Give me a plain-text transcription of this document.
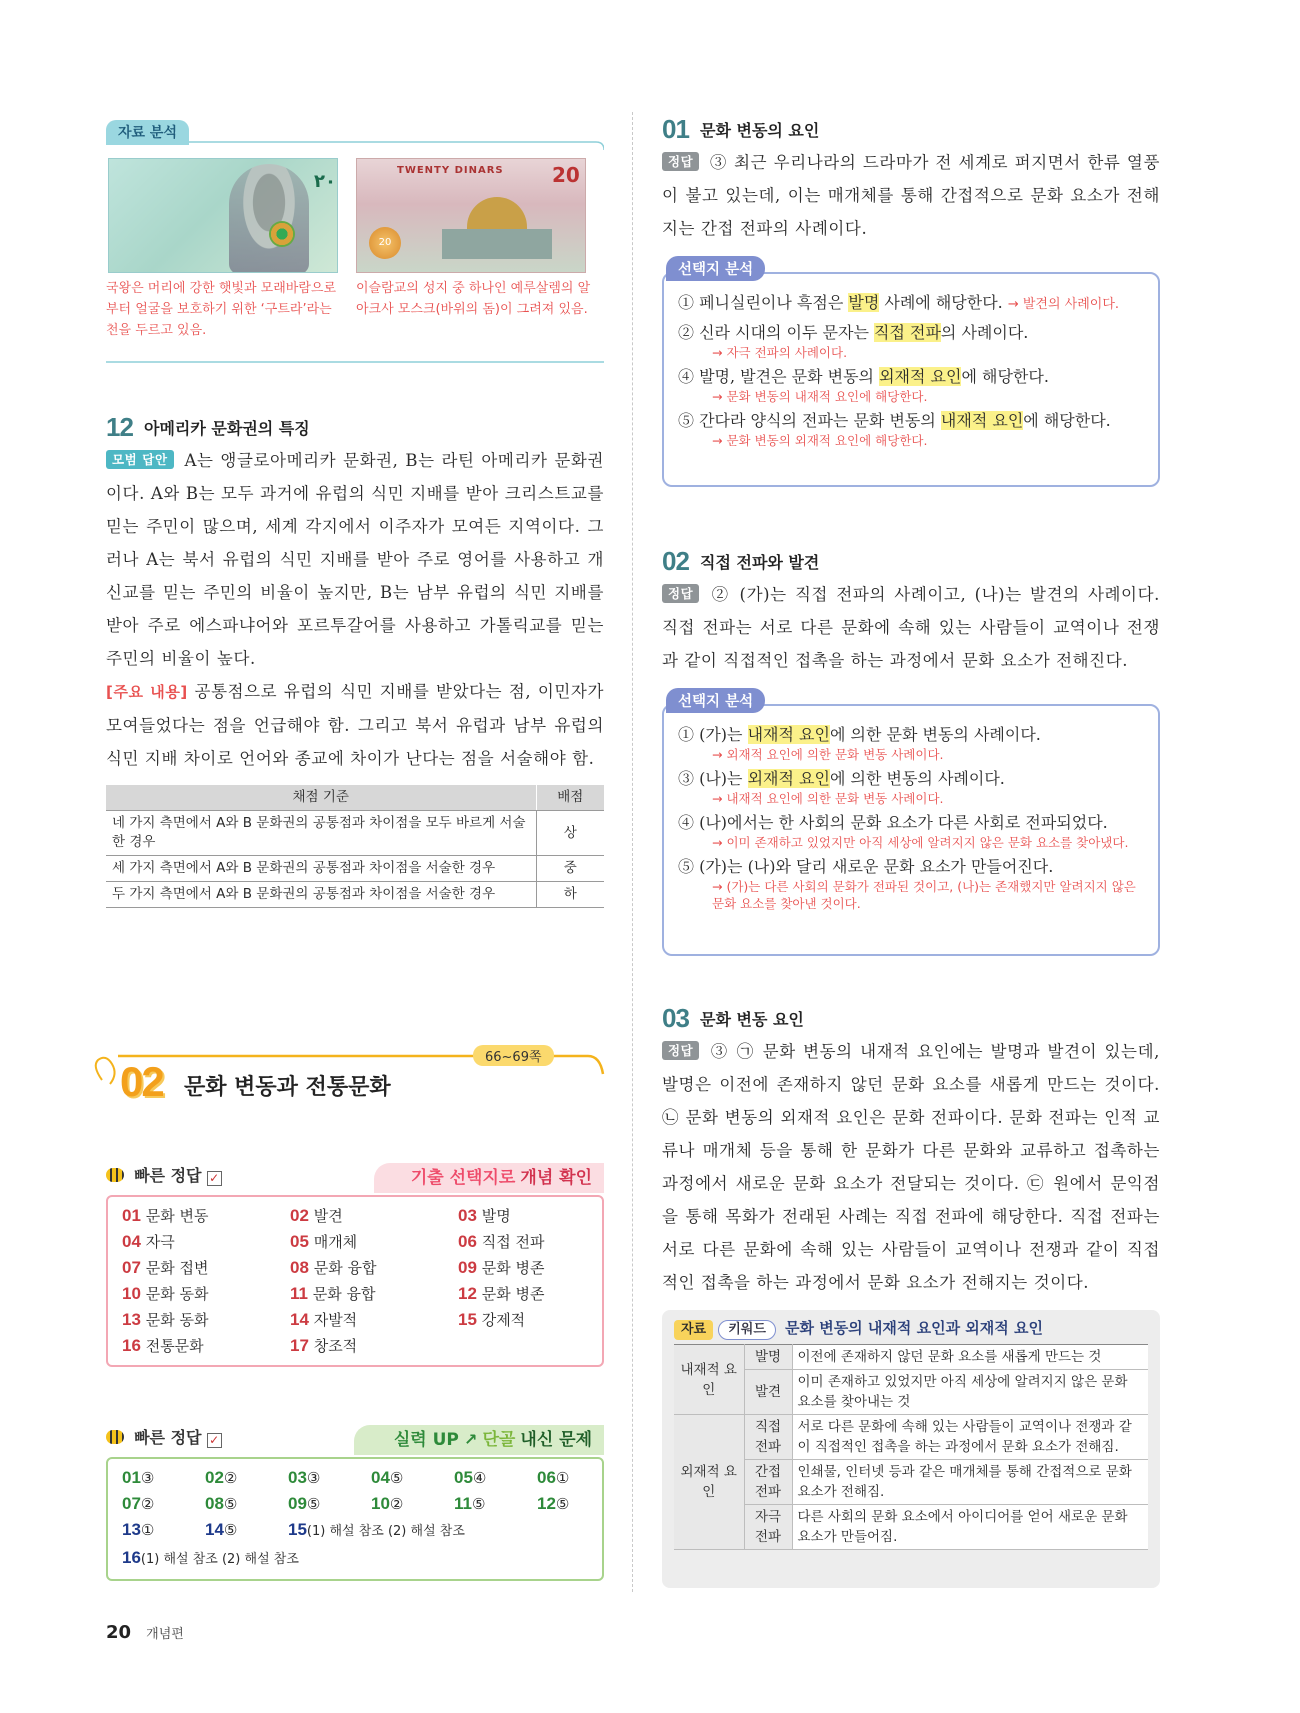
자료 분석
٢٠
TWENTY DINARS 20
20
국왕은 머리에 강한 햇빛과 모래바람으로부터 얼굴을 보호하기 위한 ‘구트라’라는 천을 두르고 있음.
이슬람교의 성지 중 하나인 예루살렘의 알 아크사 모스크(바위의 돔)이 그려져 있음.
12 아메리카 문화권의 특징
모범 답안 A는 앵글로아메리카 문화권, B는 라틴 아메리카 문화권이다. A와 B는 모두 과거에 유럽의 식민 지배를 받아 크리스트교를 믿는 주민이 많으며, 세계 각지에서 이주자가 모여든 지역이다. 그러나 A는 북서 유럽의 식민 지배를 받아 주로 영어를 사용하고 개신교를 믿는 주민의 비율이 높지만, B는 남부 유럽의 식민 지배를 받아 주로 에스파냐어와 포르투갈어를 사용하고 가톨릭교를 믿는 주민의 비율이 높다.
[주요 내용] 공통점으로 유럽의 식민 지배를 받았다는 점, 이민자가 모여들었다는 점을 언급해야 함. 그리고 북서 유럽과 남부 유럽의 식민 지배 차이로 언어와 종교에 차이가 난다는 점을 서술해야 함.
채점 기준	배점
네 가지 측면에서 A와 B 문화권의 공통점과 차이점을 모두 바르게 서술한 경우	상
세 가지 측면에서 A와 B 문화권의 공통점과 차이점을 서술한 경우	중
두 가지 측면에서 A와 B 문화권의 공통점과 차이점을 서술한 경우	하
66~69쪽
02 문화 변동과 전통문화
빠른 정답 ✓	기출 선택지로 개념 확인
01 문화 변동	02 발견	03 발명
04 자극	05 매개체	06 직접 전파
07 문화 접변	08 문화 융합	09 문화 병존
10 문화 동화	11 문화 융합	12 문화 병존
13 문화 동화	14 자발적	15 강제적
16 전통문화	17 창조적
빠른 정답 ✓	실력 UP ↗ 단골 내신 문제
01③	02②	03③	04⑤	05④	06①
07②	08⑤	09⑤	10②	11⑤	12⑤
13①	14⑤	15(1) 해설 참조 (2) 해설 참조
16(1) 해설 참조 (2) 해설 참조
20 개념편
01 문화 변동의 요인
정답 ③ 최근 우리나라의 드라마가 전 세계로 퍼지면서 한류 열풍이 불고 있는데, 이는 매개체를 통해 간접적으로 문화 요소가 전해지는 간접 전파의 사례이다.
① 페니실린이나 흑점은 발명 사례에 해당한다. → 발견의 사례이다.
② 신라 시대의 이두 문자는 직접 전파의 사례이다.
→ 자극 전파의 사례이다.
④ 발명, 발견은 문화 변동의 외재적 요인에 해당한다.
→ 문화 변동의 내재적 요인에 해당한다.
⑤ 간다라 양식의 전파는 문화 변동의 내재적 요인에 해당한다.
→ 문화 변동의 외재적 요인에 해당한다.
선택지 분석
02 직접 전파와 발견
정답 ② (가)는 직접 전파의 사례이고, (나)는 발견의 사례이다. 직접 전파는 서로 다른 문화에 속해 있는 사람들이 교역이나 전쟁과 같이 직접적인 접촉을 하는 과정에서 문화 요소가 전해진다.
① (가)는 내재적 요인에 의한 문화 변동의 사례이다.
→ 외재적 요인에 의한 문화 변동 사례이다.
③ (나)는 외재적 요인에 의한 변동의 사례이다.
→ 내재적 요인에 의한 문화 변동 사례이다.
④ (나)에서는 한 사회의 문화 요소가 다른 사회로 전파되었다.
→ 이미 존재하고 있었지만 아직 세상에 알려지지 않은 문화 요소를 찾아냈다.
⑤ (가)는 (나)와 달리 새로운 문화 요소가 만들어진다.
→ (가)는 다른 사회의 문화가 전파된 것이고, (나)는 존재했지만 알려지지 않은 문화 요소를 찾아낸 것이다.
선택지 분석
03 문화 변동 요인
정답 ③ ㉠ 문화 변동의 내재적 요인에는 발명과 발견이 있는데, 발명은 이전에 존재하지 않던 문화 요소를 새롭게 만드는 것이다. ㉡ 문화 변동의 외재적 요인은 문화 전파이다. 문화 전파는 인적 교류나 매개체 등을 통해 한 문화가 다른 문화와 교류하고 접촉하는 과정에서 새로운 문화 요소가 전달되는 것이다. ㉢ 원에서 문익점을 통해 목화가 전래된 사례는 직접 전파에 해당한다. 직접 전파는 서로 다른 문화에 속해 있는 사람들이 교역이나 전쟁과 같이 직접적인 접촉을 하는 과정에서 문화 요소가 전해지는 것이다.
자료 키워드 문화 변동의 내재적 요인과 외재적 요인
내재적 요인	발명	이전에 존재하지 않던 문화 요소를 새롭게 만드는 것
	발견	이미 존재하고 있었지만 아직 세상에 알려지지 않은 문화 요소를 찾아내는 것
외재적 요인	직접 전파	서로 다른 문화에 속해 있는 사람들이 교역이나 전쟁과 같이 직접적인 접촉을 하는 과정에서 문화 요소가 전해짐.
	간접 전파	인쇄물, 인터넷 등과 같은 매개체를 통해 간접적으로 문화 요소가 전해짐.
	자극 전파	다른 사회의 문화 요소에서 아이디어를 얻어 새로운 문화 요소가 만들어짐.
